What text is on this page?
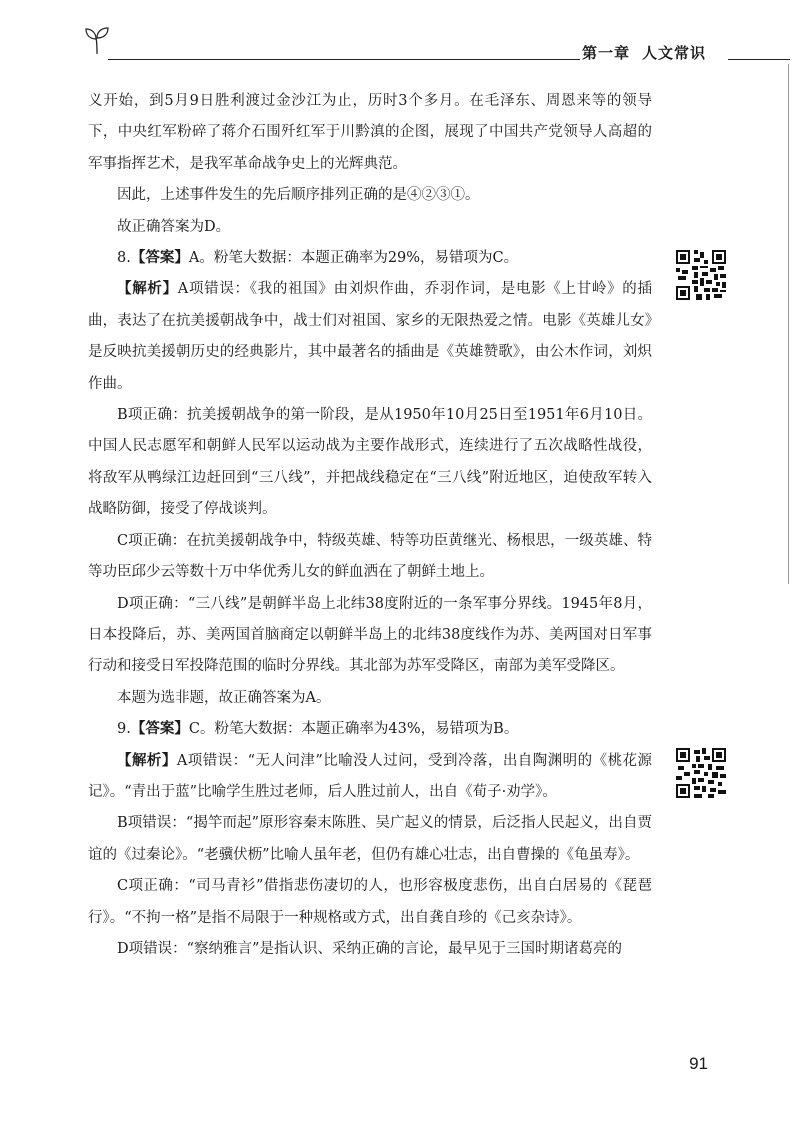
第一章 人文常识

义开始，到5月9日胜利渡过金沙江为止，历时3个多月。在毛泽东、周恩来等的领导下，中央红军粉碎了蒋介石围歼红军于川黔滇的企图，展现了中国共产党领导人高超的军事指挥艺术，是我军革命战争史上的光辉典范。

因此，上述事件发生的先后顺序排列正确的是④②③①。

故正确答案为D。

8.【答案】A。粉笔大数据：本题正确率为29%，易错项为C。

【解析】A项错误：《我的祖国》由刘炽作曲，乔羽作词，是电影《上甘岭》的插曲，表达了在抗美援朝战争中，战士们对祖国、家乡的无限热爱之情。电影《英雄儿女》是反映抗美援朝历史的经典影片，其中最著名的插曲是《英雄赞歌》，由公木作词，刘炽作曲。

B项正确：抗美援朝战争的第一阶段，是从1950年10月25日至1951年6月10日。中国人民志愿军和朝鲜人民军以运动战为主要作战形式，连续进行了五次战略性战役，将敌军从鸭绿江边赶回到“三八线”，并把战线稳定在“三八线”附近地区，迫使敌军转入战略防御，接受了停战谈判。

C项正确：在抗美援朝战争中，特级英雄、特等功臣黄继光、杨根思，一级英雄、特等功臣邱少云等数十万中华优秀儿女的鲜血洒在了朝鲜土地上。

D项正确：“三八线”是朝鲜半岛上北纬38度附近的一条军事分界线。1945年8月，日本投降后，苏、美两国首脑商定以朝鲜半岛上的北纬38度线作为苏、美两国对日军事行动和接受日军投降范围的临时分界线。其北部为苏军受降区，南部为美军受降区。

本题为选非题，故正确答案为A。

9.【答案】C。粉笔大数据：本题正确率为43%，易错项为B。

【解析】A项错误：“无人问津”比喻没人过问，受到冷落，出自陶渊明的《桃花源记》。“青出于蓝”比喻学生胜过老师，后人胜过前人，出自《荀子·劝学》。

B项错误：“揭竿而起”原形容秦末陈胜、吴广起义的情景，后泛指人民起义，出自贾谊的《过秦论》。“老骥伏枥”比喻人虽年老，但仍有雄心壮志，出自曹操的《龟虽寿》。

C项正确：“司马青衫”借指悲伤凄切的人，也形容极度悲伤，出自白居易的《琵琶行》。“不拘一格”是指不局限于一种规格或方式，出自龚自珍的《己亥杂诗》。

D项错误：“察纳雅言”是指认识、采纳正确的言论，最早见于三国时期诸葛亮的

91
